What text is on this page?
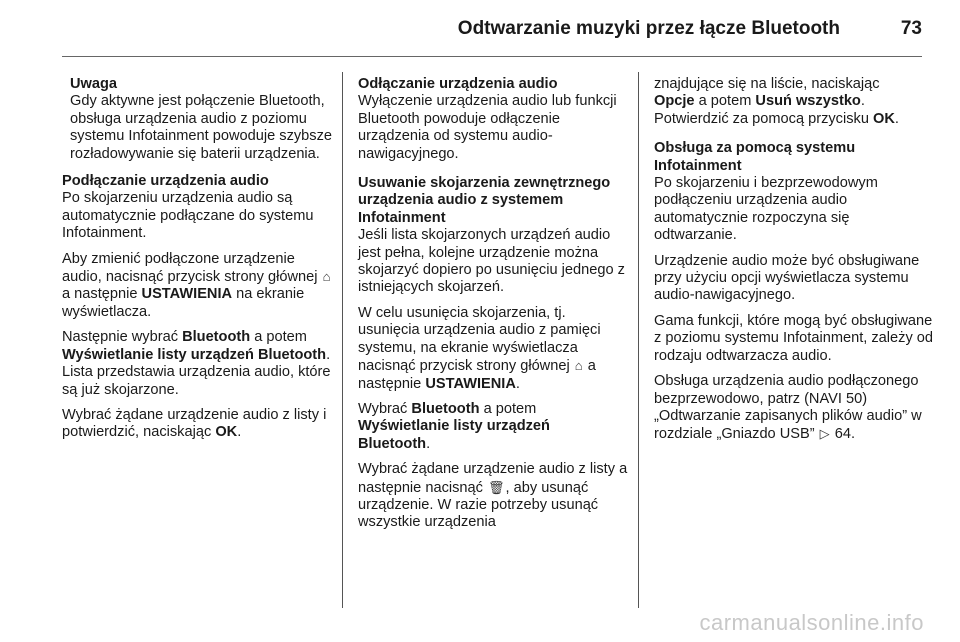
Odtwarzanie muzyki przez łącze Bluetooth	73
Uwaga
Gdy aktywne jest połączenie Bluetooth, obsługa urządzenia audio z poziomu systemu Infotainment powoduje szybsze rozładowywanie się baterii urządzenia.

Podłączanie urządzenia audio
Po skojarzeniu urządzenia audio są automatycznie podłączane do systemu Infotainment.

Aby zmienić podłączone urządzenie audio, nacisnąć przycisk strony głównej ⌂ a następnie USTAWIENIA na ekranie wyświetlacza.

Następnie wybrać Bluetooth a potem Wyświetlanie listy urządzeń Bluetooth. Lista przedstawia urządzenia audio, które są już skojarzone.

Wybrać żądane urządzenie audio z listy i potwierdzić, naciskając OK.

Odłączanie urządzenia audio
Wyłączenie urządzenia audio lub funkcji Bluetooth powoduje odłączenie urządzenia od systemu audio-nawigacyjnego.

Usuwanie skojarzenia zewnętrznego urządzenia audio z systemem Infotainment
Jeśli lista skojarzonych urządzeń audio jest pełna, kolejne urządzenie można skojarzyć dopiero po usunięciu jednego z istniejących skojarzeń.

W celu usunięcia skojarzenia, tj. usunięcia urządzenia audio z pamięci systemu, na ekranie wyświetlacza nacisnąć przycisk strony głównej ⌂ a następnie USTAWIENIA.

Wybrać Bluetooth a potem
Wyświetlanie listy urządzeń
Bluetooth.

Wybrać żądane urządzenie audio z listy a następnie nacisnąć 🗑, aby usunąć urządzenie. W razie potrzeby usunąć wszystkie urządzenia

znajdujące się na liście, naciskając
Opcje a potem Usuń wszystko.
Potwierdzić za pomocą przycisku OK.

Obsługa za pomocą systemu Infotainment
Po skojarzeniu i bezprzewodowym podłączeniu urządzenia audio automatycznie rozpoczyna się odtwarzanie.

Urządzenie audio może być obsługiwane przy użyciu opcji wyświetlacza systemu audio-nawigacyjnego.

Gama funkcji, które mogą być obsługiwane z poziomu systemu Infotainment, zależy od rodzaju odtwarzacza audio.

Obsługa urządzenia audio podłączonego bezprzewodowo, patrz (NAVI 50) „Odtwarzanie zapisanych plików audio” w rozdziale „Gniazdo USB” ▷ 64.

carmanualsonline.info
